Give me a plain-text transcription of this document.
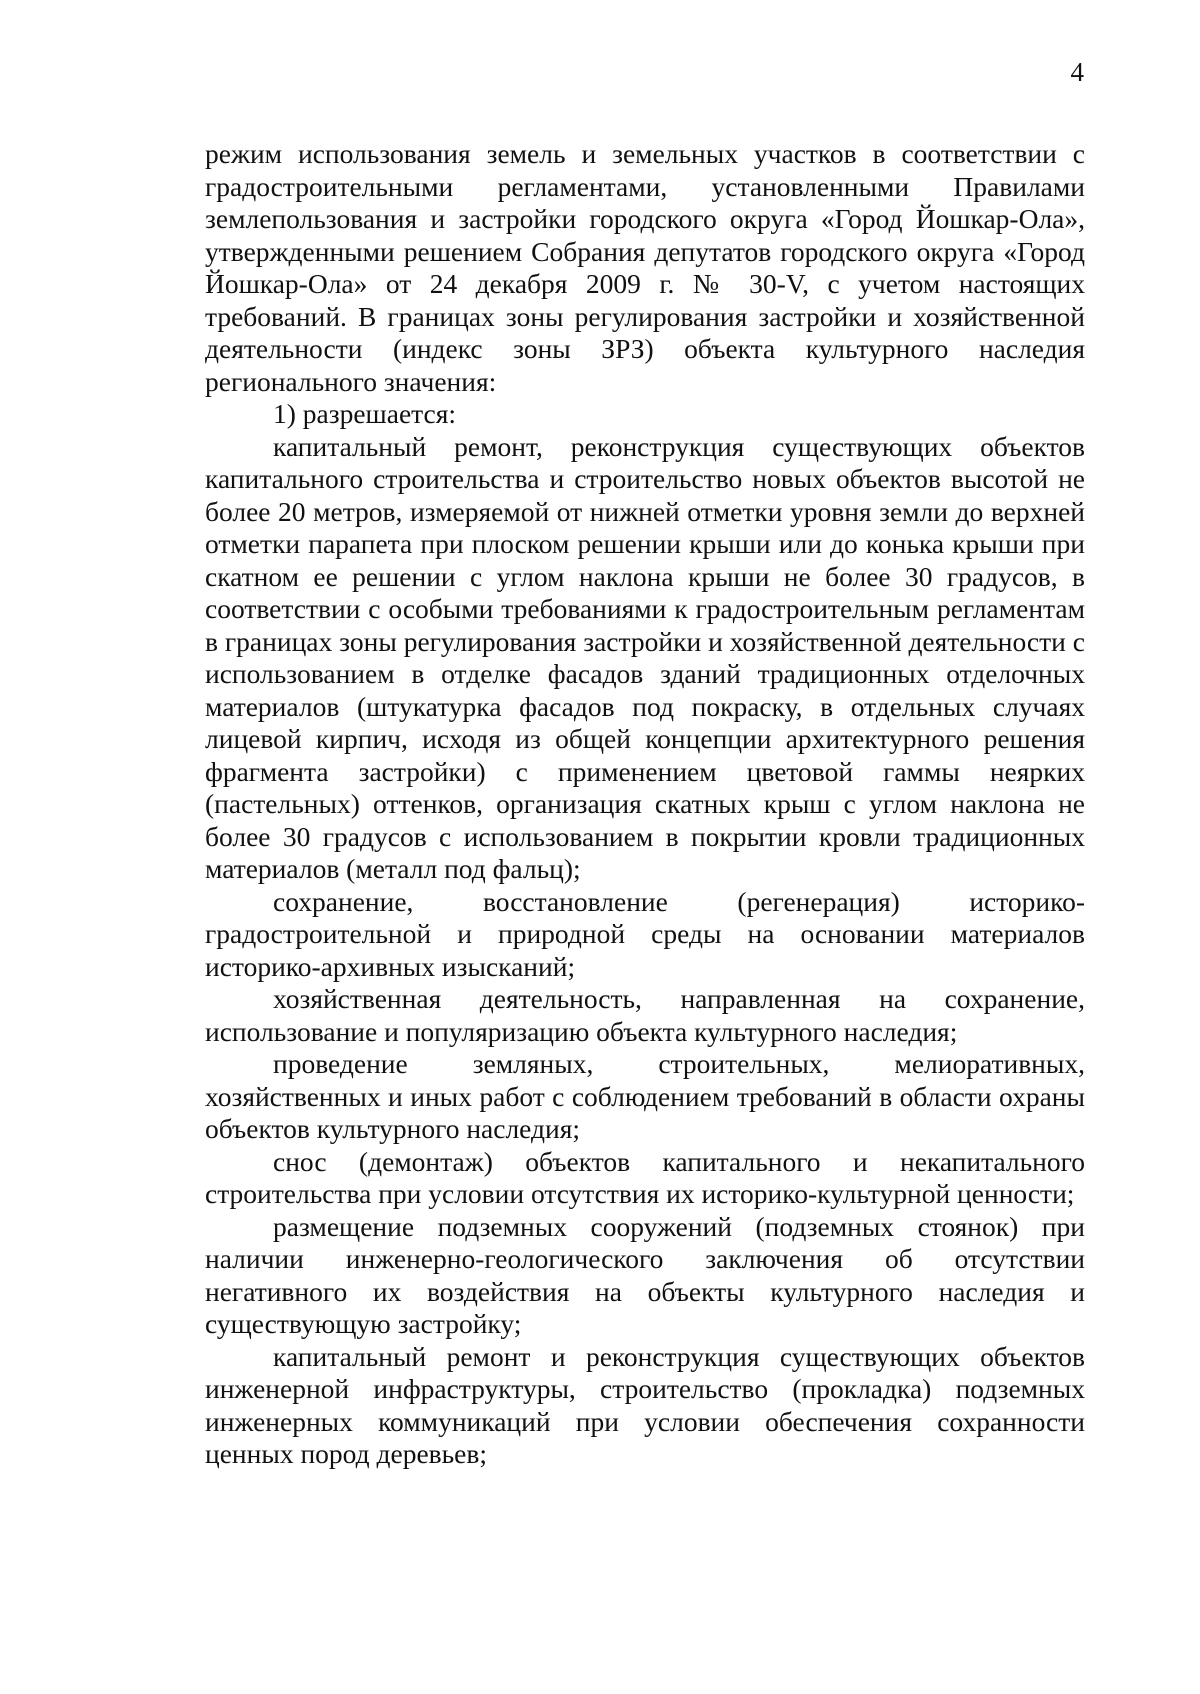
4

режим использования земель и земельных участков в соответствии с градостроительными регламентами, установленными Правилами землепользования и застройки городского округа «Город Йошкар-Ола», утвержденными решением Собрания депутатов городского округа «Город Йошкар-Ола» от 24 декабря 2009 г. № 30-V, с учетом настоящих требований. В границах зоны регулирования застройки и хозяйственной деятельности (индекс зоны ЗРЗ) объекта культурного наследия регионального значения:

1) разрешается:

капитальный ремонт, реконструкция существующих объектов капитального строительства и строительство новых объектов высотой не более 20 метров, измеряемой от нижней отметки уровня земли до верхней отметки парапета при плоском решении крыши или до конька крыши при скатном ее решении с углом наклона крыши не более 30 градусов, в соответствии с особыми требованиями к градостроительным регламентам в границах зоны регулирования застройки и хозяйственной деятельности с использованием в отделке фасадов зданий традиционных отделочных материалов (штукатурка фасадов под покраску, в отдельных случаях лицевой кирпич, исходя из общей концепции архитектурного решения фрагмента застройки) с применением цветовой гаммы неярких (пастельных) оттенков, организация скатных крыш с углом наклона не более 30 градусов с использованием в покрытии кровли традиционных материалов (металл под фальц);

сохранение, восстановление (регенерация) историко-градостроительной и природной среды на основании материалов историко-архивных изысканий;

хозяйственная деятельность, направленная на сохранение, использование и популяризацию объекта культурного наследия;

проведение земляных, строительных, мелиоративных, хозяйственных и иных работ с соблюдением требований в области охраны объектов культурного наследия;

снос (демонтаж) объектов капитального и некапитального строительства при условии отсутствия их историко-культурной ценности;

размещение подземных сооружений (подземных стоянок) при наличии инженерно-геологического заключения об отсутствии негативного их воздействия на объекты культурного наследия и существующую застройку;

капитальный ремонт и реконструкция существующих объектов инженерной инфраструктуры, строительство (прокладка) подземных инженерных коммуникаций при условии обеспечения сохранности ценных пород деревьев;
